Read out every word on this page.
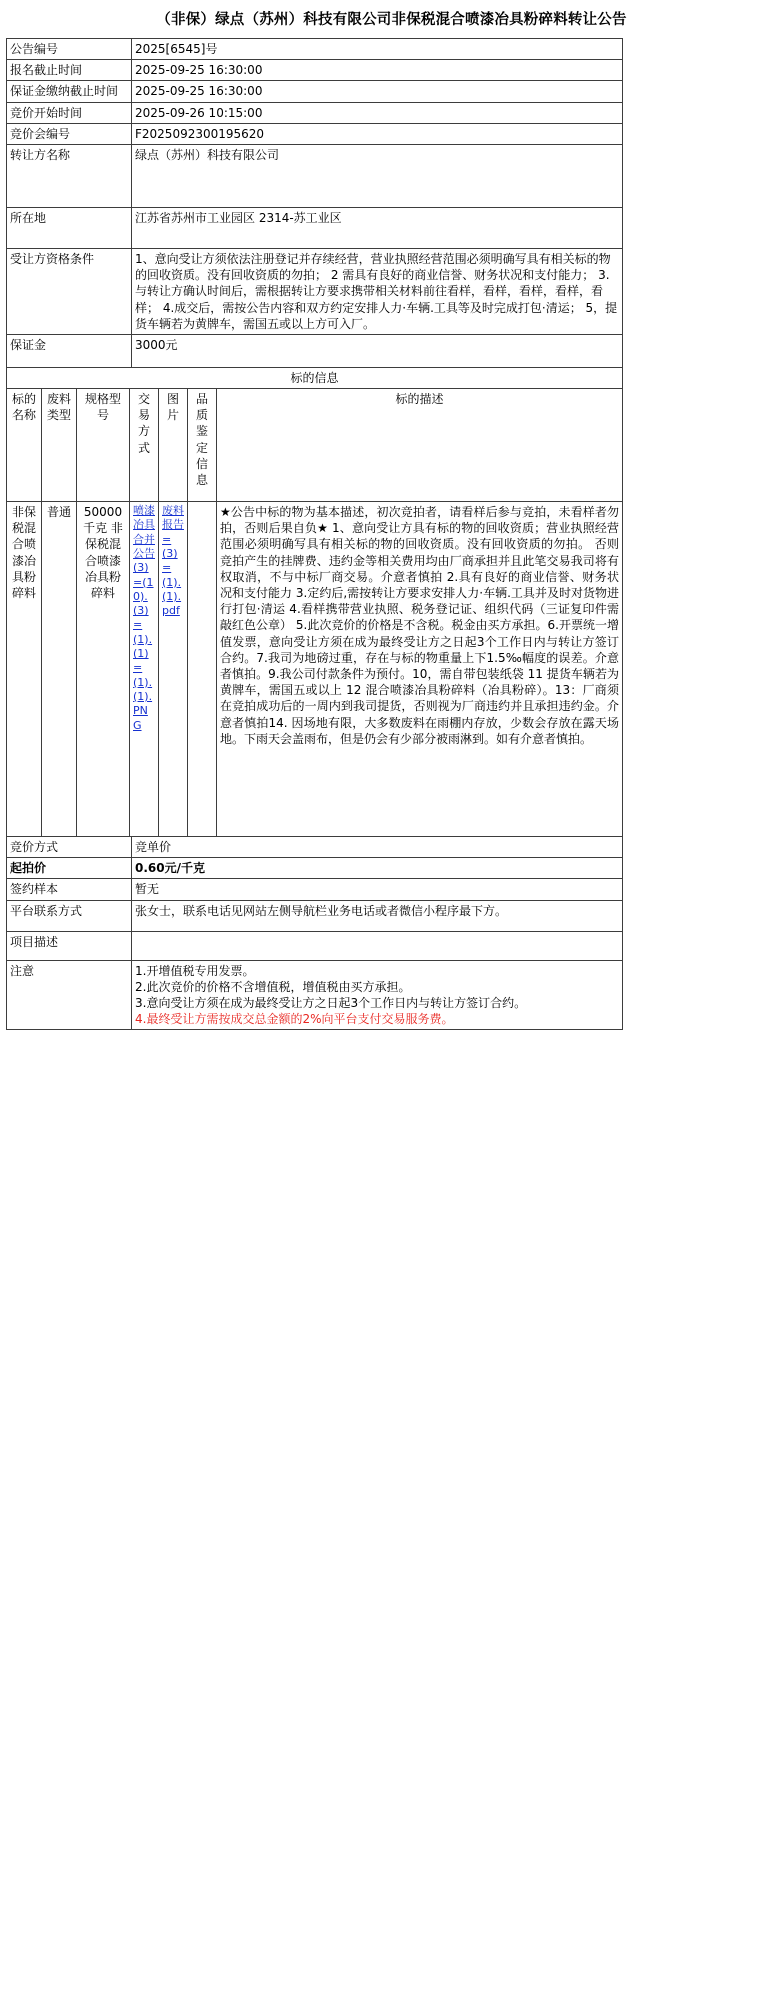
（非保）绿点（苏州）科技有限公司非保税混合喷漆冶具粉碎料转让公告
公告编号	2025[6545]号
报名截止时间	2025-09-25 16:30:00
保证金缴纳截止时间	2025-09-25 16:30:00
竞价开始时间	2025-09-26 10:15:00
竞价会编号	F2025092300195620
转让方名称	绿点（苏州）科技有限公司
所在地	江苏省苏州市工业园区 2314-苏工业区
受让方资格条件	1、意向受让方须依法注册登记并存续经营，营业执照经营范围必须明确写具有相关标的物的回收资质。没有回收资质的勿拍； 2 需具有良好的商业信誉、财务状况和支付能力； 3.与转让方确认时间后，需根据转让方要求携带相关材料前往看样，看样，看样，看样，看样； 4.成交后，需按公告内容和双方约定安排人力·车辆.工具等及时完成打包·清运； 5，提货车辆若为黄牌车，需国五或以上方可入厂。
保证金	3000元
标的信息	
标的名称	废料类型	规格型号	交易方式	图片	品质鉴定信息	标的描述
非保税混合喷漆冶具粉碎料	普通	50000千克 非保税混合喷漆冶具粉碎料	喷漆冶具合并公告(3)=(10).(3)=(1).(1)=(1).(1).PNG	废料报告=(3)=(1).(1).pdf		★公告中标的物为基本描述，初次竞拍者，请看样后参与竞拍，未看样者勿拍，否则后果自负★ 1、意向受让方具有标的物的回收资质；营业执照经营范围必须明确写具有相关标的物的回收资质。没有回收资质的勿拍。 否则竞拍产生的挂牌费、违约金等相关费用均由厂商承担并且此笔交易我司将有权取消，不与中标厂商交易。介意者慎拍 2.具有良好的商业信誉、财务状况和支付能力 3.定约后,需按转让方要求安排人力·车辆.工具并及时对货物进行打包·清运 4.看样携带营业执照、税务登记证、组织代码（三证复印件需敲红色公章） 5.此次竞价的价格是不含税。税金由买方承担。6.开票统一增值发票，意向受让方须在成为最终受让方之日起3个工作日内与转让方签订合约。7.我司为地磅过重，存在与标的物重量上下1.5‰幅度的误差。介意者慎拍。9.我公司付款条件为预付。10，需自带包装纸袋 11 提货车辆若为黄牌车，需国五或以上 12 混合喷漆冶具粉碎料（冶具粉碎）。13：厂商须在竞拍成功后的一周内到我司提货，否则视为厂商违约并且承担违约金。介意者慎拍14. 因场地有限，大多数废料在雨棚内存放，少数会存放在露天场地。下雨天会盖雨布，但是仍会有少部分被雨淋到。如有介意者慎拍。
竞价方式	竞单价
起拍价	0.60元/千克
签约样本	暂无
平台联系方式	张女士，联系电话见网站左侧导航栏业务电话或者微信小程序最下方。
项目描述	
注意	1.开增值税专用发票。
2.此次竞价的价格不含增值税，增值税由买方承担。
3.意向受让方须在成为最终受让方之日起3个工作日内与转让方签订合约。
4.最终受让方需按成交总金额的2%向平台支付交易服务费。
